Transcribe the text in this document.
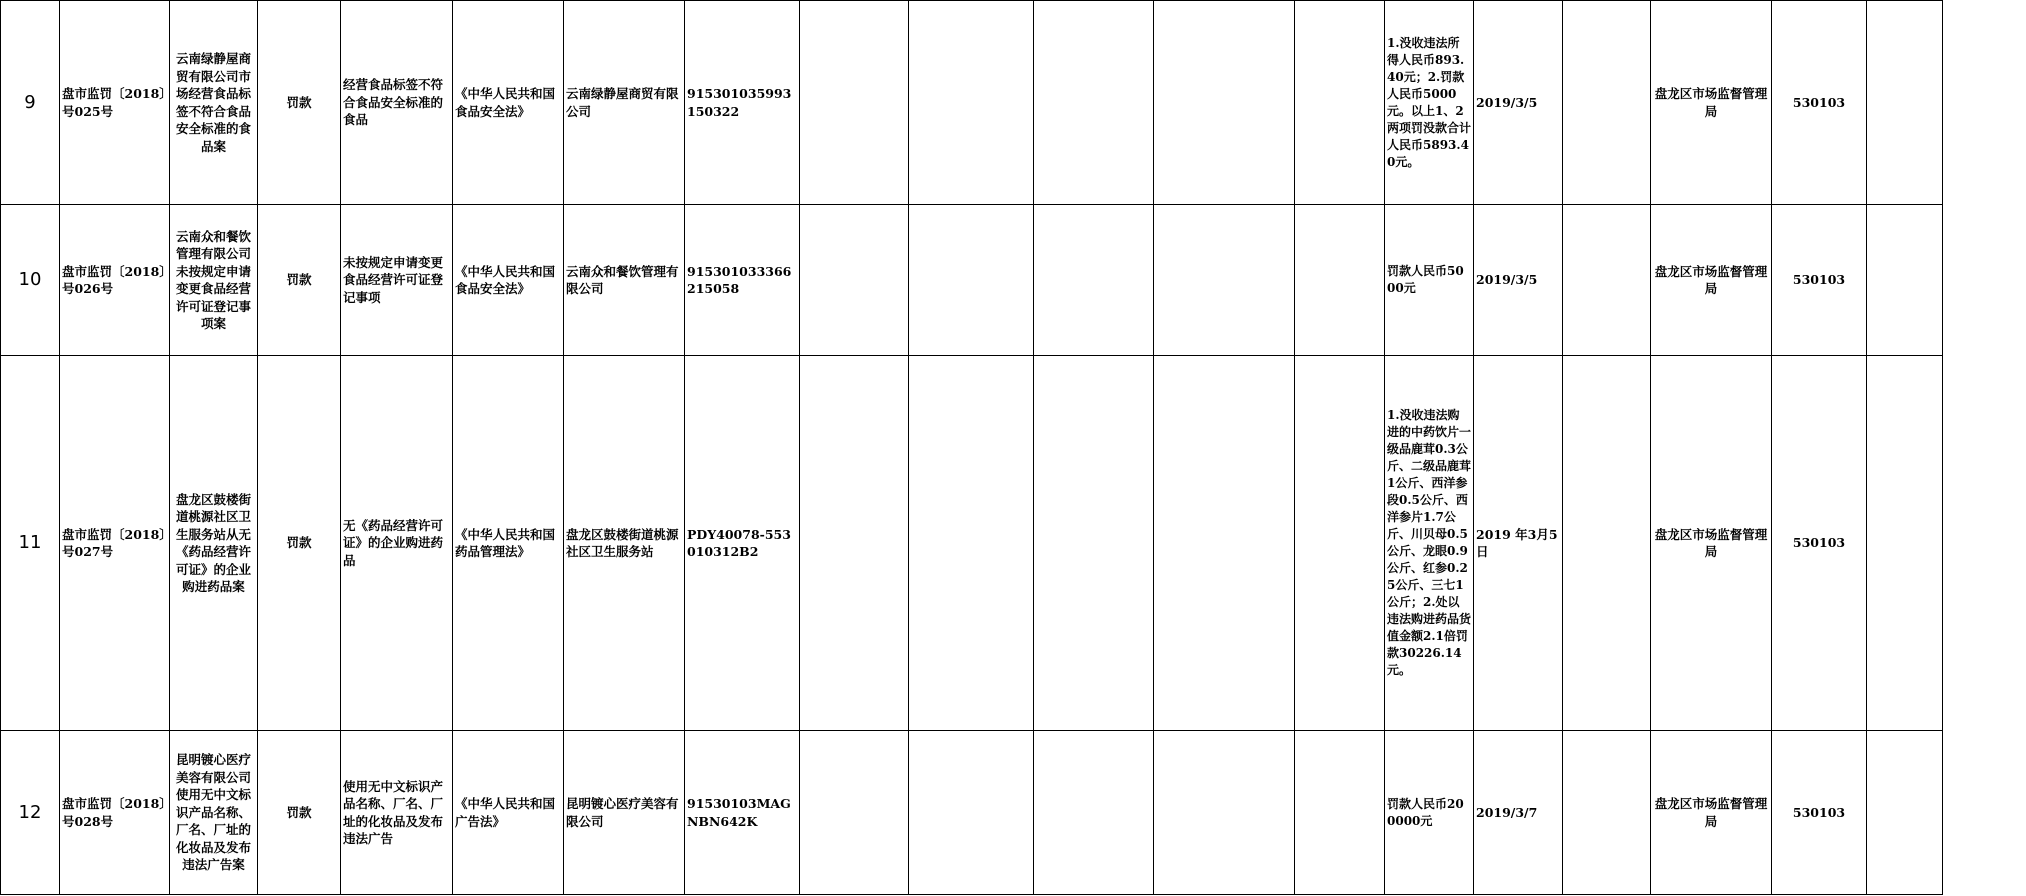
9	盘市监罚〔2018〕号025号	云南绿静屋商贸有限公司市场经营食品标签不符合食品安全标准的食品案	罚款	经营食品标签不符合食品安全标准的食品	《中华人民共和国食品安全法》	云南绿静屋商贸有限公司	915301035993150322						1.没收违法所得人民币893.40元；2.罚款人民币5000元。以上1、2两项罚没款合计人民币5893.40元。	2019/3/5		盘龙区市场监督管理局	530103	
10	盘市监罚〔2018〕号026号	云南众和餐饮管理有限公司未按规定申请变更食品经营许可证登记事项案	罚款	未按规定申请变更食品经营许可证登记事项	《中华人民共和国食品安全法》	云南众和餐饮管理有限公司	915301033366215058						罚款人民币5000元	2019/3/5		盘龙区市场监督管理局	530103	
11	盘市监罚〔2018〕号027号	盘龙区鼓楼街道桃源社区卫生服务站从无《药品经营许可证》的企业购进药品案	罚款	无《药品经营许可证》的企业购进药品	《中华人民共和国药品管理法》	盘龙区鼓楼街道桃源社区卫生服务站	PDY40078-553010312B2						1.没收违法购进的中药饮片一级品鹿茸0.3公斤、二级品鹿茸1公斤、西洋参段0.5公斤、西洋参片1.7公斤、川贝母0.5公斤、龙眼0.9公斤、红参0.25公斤、三七1公斤；2.处以违法购进药品货值金额2.1倍罚款30226.14元。	2019 年3月5日		盘龙区市场监督管理局	530103	
12	盘市监罚〔2018〕号028号	昆明镀心医疗美容有限公司使用无中文标识产品名称、厂名、厂址的化妆品及发布违法广告案	罚款	使用无中文标识产品名称、厂名、厂址的化妆品及发布违法广告	《中华人民共和国广告法》	昆明镀心医疗美容有限公司	91530103MAGNBN642K						罚款人民币200000元	2019/3/7		盘龙区市场监督管理局	530103	
